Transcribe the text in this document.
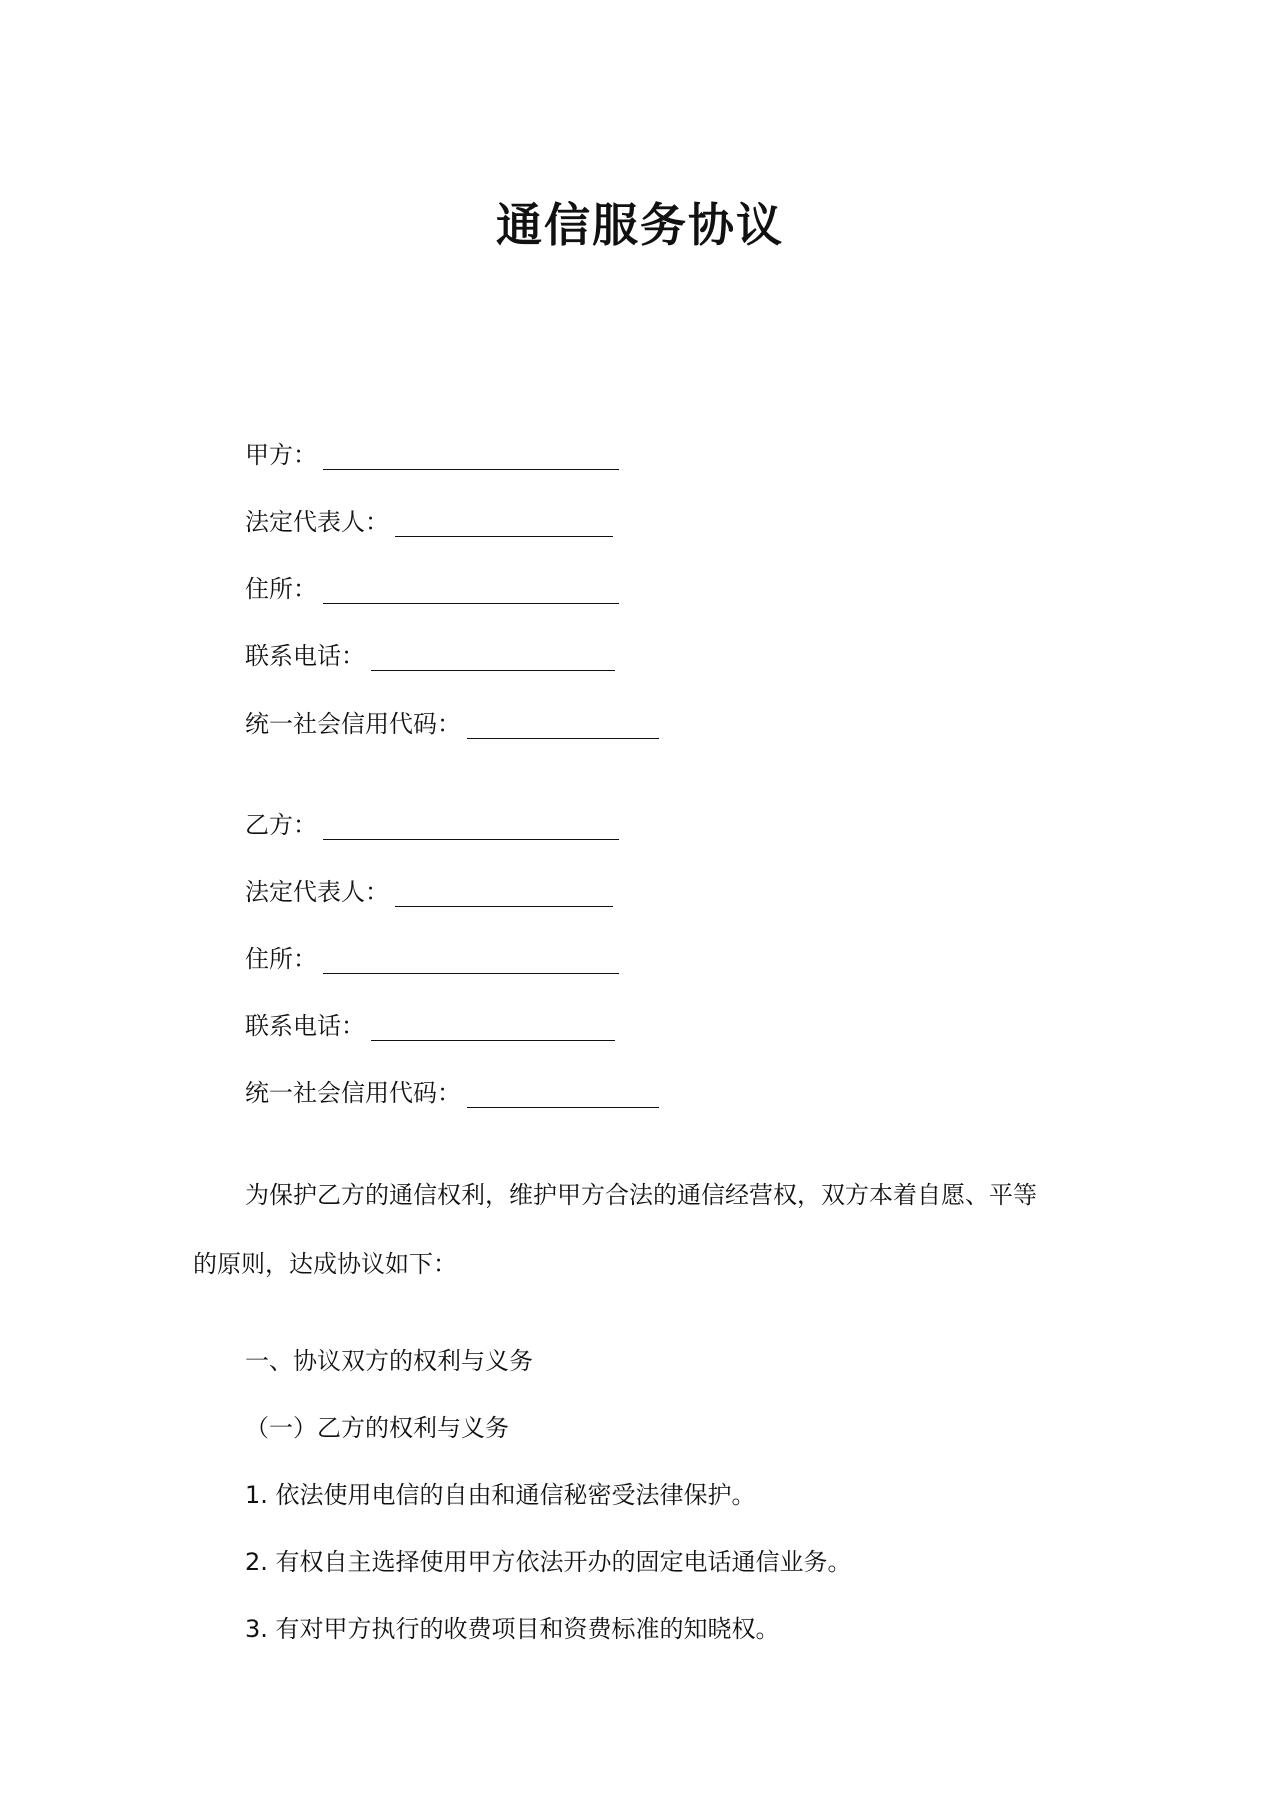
通信服务协议
甲方：
法定代表人：
住所：
联系电话：
统一社会信用代码：
乙方：
法定代表人：
住所：
联系电话：
统一社会信用代码：
为保护乙方的通信权利，维护甲方合法的通信经营权，双方本着自愿、平等
的原则，达成协议如下：
一、协议双方的权利与义务
（一）乙方的权利与义务
1. 依法使用电信的自由和通信秘密受法律保护。
2. 有权自主选择使用甲方依法开办的固定电话通信业务。
3. 有对甲方执行的收费项目和资费标准的知晓权。
